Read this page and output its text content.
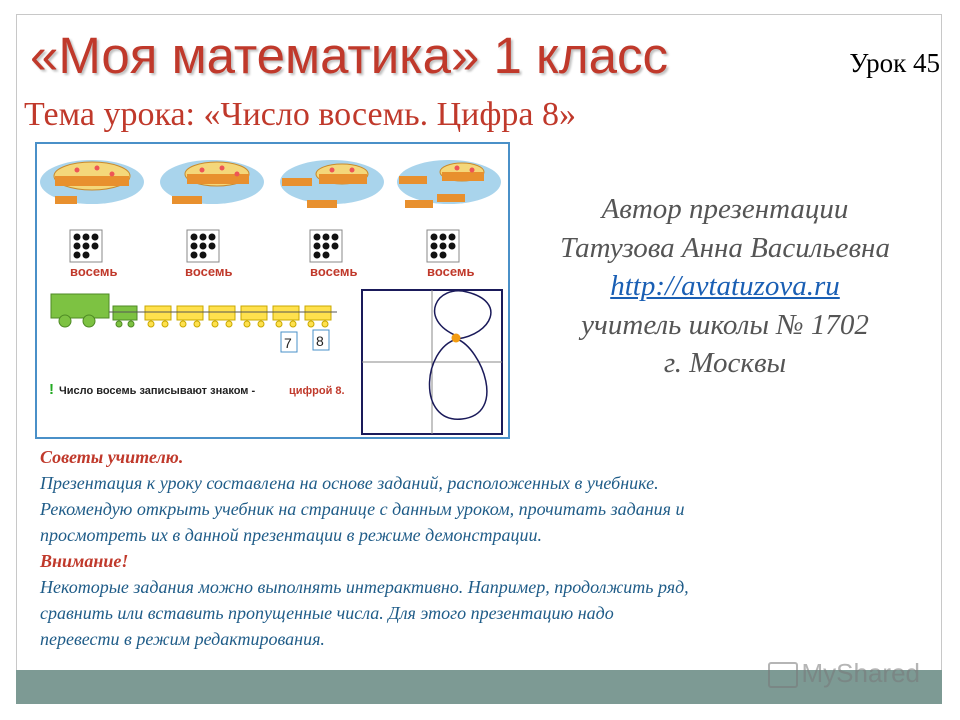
«Моя математика» 1 класс	Урок 45
Тема урока: «Число восемь. Цифра 8»
восемь	восемь	восемь	восемь
7 8
! Число восемь записывают знаком -	цифрой 8.
Автор презентации
Татузова Анна Васильевна
http://avtatuzova.ru
учитель школы № 1702
г. Москвы
Советы учителю.
Презентация к уроку составлена на основе заданий, расположенных в учебнике.
Рекомендую открыть учебник на странице с данным уроком, прочитать задания и
просмотреть их в данной презентации в режиме демонстрации.
Внимание!
Некоторые задания можно выполнять интерактивно. Например, продолжить ряд,
сравнить или вставить пропущенные числа. Для этого презентацию надо
перевести в режим редактирования.
MyShared
